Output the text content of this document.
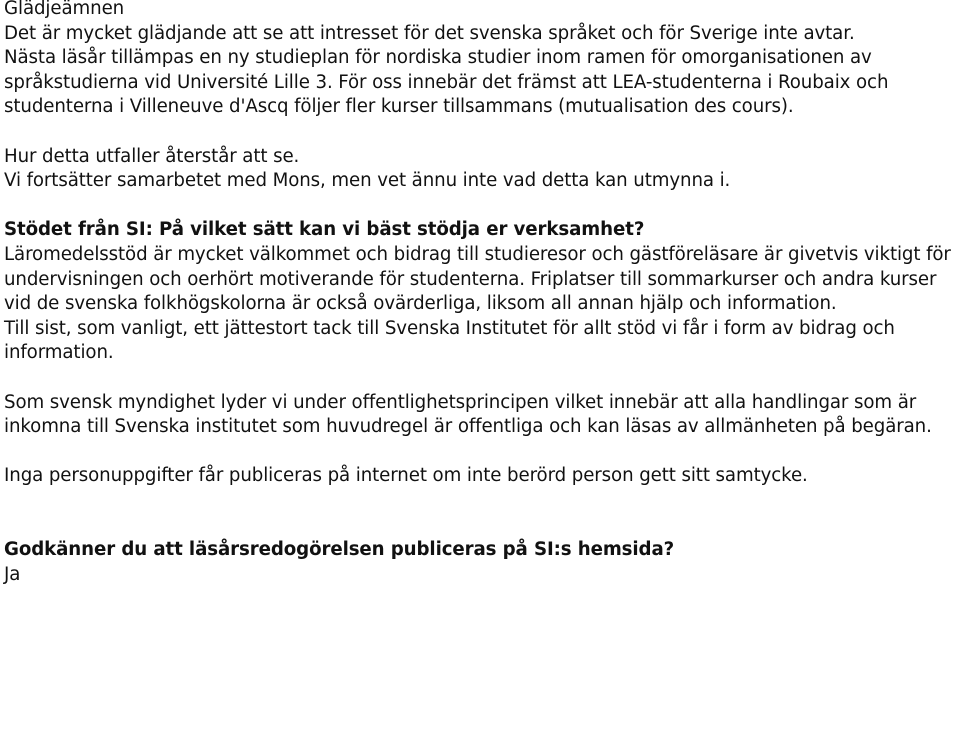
Glädjeämnen

Det är mycket glädjande att se att intresset för det svenska språket och för Sverige inte avtar.

Nästa läsår tillämpas en ny studieplan för nordiska studier inom ramen för omorganisationen av språkstudierna vid Université Lille 3. För oss innebär det främst att LEA-studenterna i Roubaix och studenterna i Villeneuve d'Ascq följer fler kurser tillsammans (mutualisation des cours).

Hur detta utfaller återstår att se.

Vi fortsätter samarbetet med Mons, men vet ännu inte vad detta kan utmynna i.

Stödet från SI: På vilket sätt kan vi bäst stödja er verksamhet?

Läromedelsstöd är mycket välkommet och bidrag till studieresor och gästföreläsare är givetvis viktigt för undervisningen och oerhört motiverande för studenterna. Friplatser till sommarkurser och andra kurser vid de svenska folkhögskolorna är också ovärderliga, liksom all annan hjälp och information.

Till sist, som vanligt, ett jättestort tack till Svenska Institutet för allt stöd vi får i form av bidrag och information.

Som svensk myndighet lyder vi under offentlighetsprincipen vilket innebär att alla handlingar som är inkomna till Svenska institutet som huvudregel är offentliga och kan läsas av allmänheten på begäran.

Inga personuppgifter får publiceras på internet om inte berörd person gett sitt samtycke.

Godkänner du att läsårsredogörelsen publiceras på SI:s hemsida?

Ja
